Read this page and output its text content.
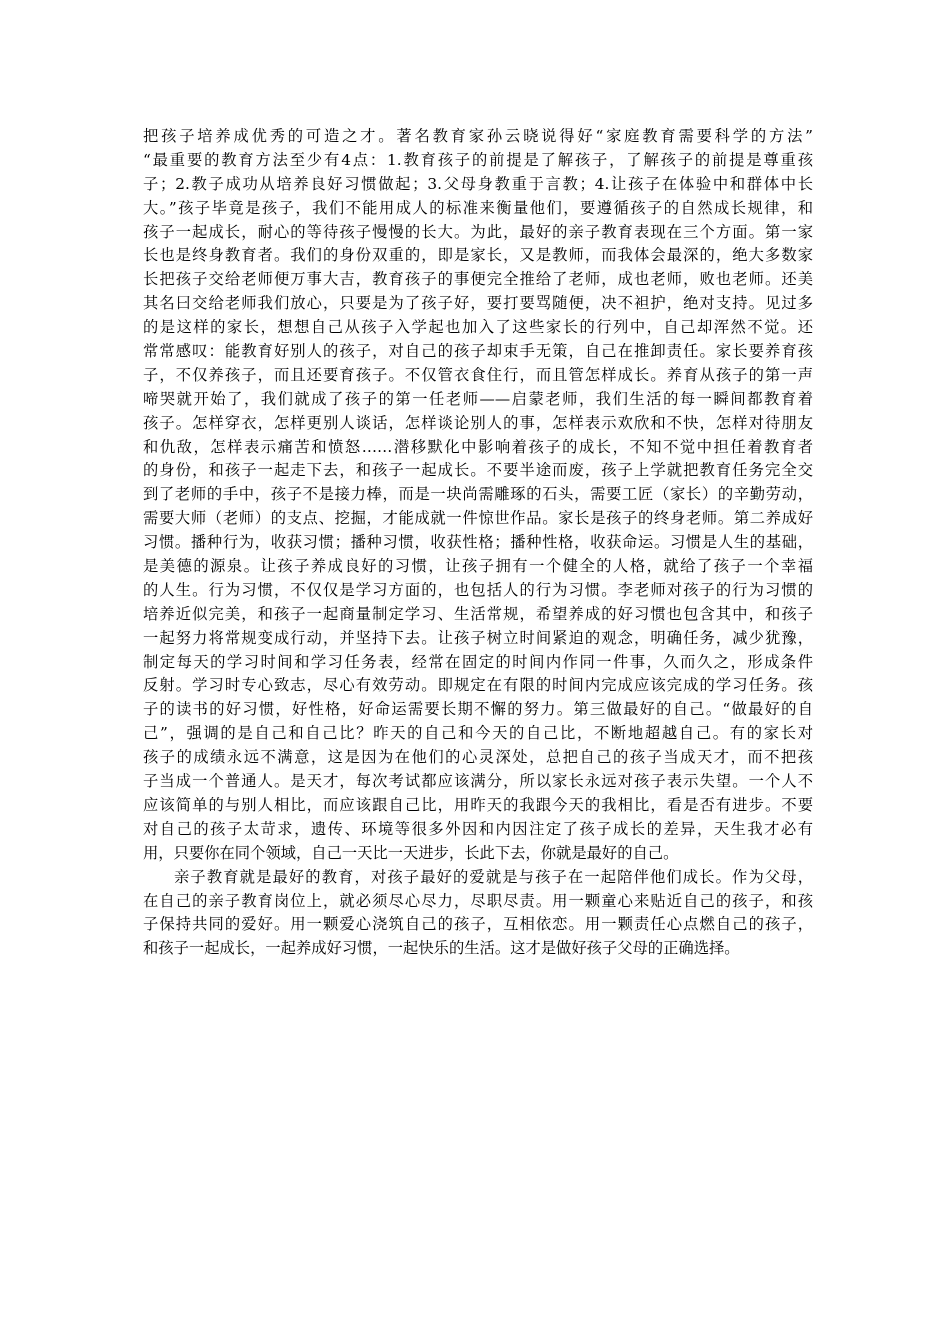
把孩子培养成优秀的可造之才。著名教育家孙云晓说得好“家庭教育需要科学的方法”
“最重要的教育方法至少有4点：1.教育孩子的前提是了解孩子，了解孩子的前提是尊重孩
子；2.教子成功从培养良好习惯做起；3.父母身教重于言教；4.让孩子在体验中和群体中长
大。”孩子毕竟是孩子，我们不能用成人的标准来衡量他们，要遵循孩子的自然成长规律，和
孩子一起成长，耐心的等待孩子慢慢的长大。为此，最好的亲子教育表现在三个方面。第一家
长也是终身教育者。我们的身份双重的，即是家长，又是教师，而我体会最深的，绝大多数家
长把孩子交给老师便万事大吉，教育孩子的事便完全推给了老师，成也老师，败也老师。还美
其名曰交给老师我们放心，只要是为了孩子好，要打要骂随便，决不袒护，绝对支持。见过多
的是这样的家长，想想自己从孩子入学起也加入了这些家长的行列中，自己却浑然不觉。还
常常感叹：能教育好别人的孩子，对自己的孩子却束手无策，自己在推卸责任。家长要养育孩
子，不仅养孩子，而且还要育孩子。不仅管衣食住行，而且管怎样成长。养育从孩子的第一声
啼哭就开始了，我们就成了孩子的第一任老师——启蒙老师，我们生活的每一瞬间都教育着
孩子。怎样穿衣，怎样更别人谈话，怎样谈论别人的事，怎样表示欢欣和不快，怎样对待朋友
和仇敌，怎样表示痛苦和愤怒……潜移默化中影响着孩子的成长，不知不觉中担任着教育者
的身份，和孩子一起走下去，和孩子一起成长。不要半途而废，孩子上学就把教育任务完全交
到了老师的手中，孩子不是接力棒，而是一块尚需雕琢的石头，需要工匠（家长）的辛勤劳动，
需要大师（老师）的支点、挖掘，才能成就一件惊世作品。家长是孩子的终身老师。第二养成好
习惯。播种行为，收获习惯；播种习惯，收获性格；播种性格，收获命运。习惯是人生的基础，
是美德的源泉。让孩子养成良好的习惯，让孩子拥有一个健全的人格，就给了孩子一个幸福
的人生。行为习惯，不仅仅是学习方面的，也包括人的行为习惯。李老师对孩子的行为习惯的
培养近似完美，和孩子一起商量制定学习、生活常规，希望养成的好习惯也包含其中，和孩子
一起努力将常规变成行动，并坚持下去。让孩子树立时间紧迫的观念，明确任务，减少犹豫，
制定每天的学习时间和学习任务表，经常在固定的时间内作同一件事，久而久之，形成条件
反射。学习时专心致志，尽心有效劳动。即规定在有限的时间内完成应该完成的学习任务。孩
子的读书的好习惯，好性格，好命运需要长期不懈的努力。第三做最好的自己。“做最好的自
己”，强调的是自己和自己比？昨天的自己和今天的自己比，不断地超越自己。有的家长对
孩子的成绩永远不满意，这是因为在他们的心灵深处，总把自己的孩子当成天才，而不把孩
子当成一个普通人。是天才，每次考试都应该满分，所以家长永远对孩子表示失望。一个人不
应该简单的与别人相比，而应该跟自己比，用昨天的我跟今天的我相比，看是否有进步。不要
对自己的孩子太苛求，遗传、环境等很多外因和内因注定了孩子成长的差异，天生我才必有
用，只要你在同个领域，自己一天比一天进步，长此下去，你就是最好的自己。
亲子教育就是最好的教育，对孩子最好的爱就是与孩子在一起陪伴他们成长。作为父母，
在自己的亲子教育岗位上，就必须尽心尽力，尽职尽责。用一颗童心来贴近自己的孩子，和孩
子保持共同的爱好。用一颗爱心浇筑自己的孩子，互相依恋。用一颗责任心点燃自己的孩子，
和孩子一起成长，一起养成好习惯，一起快乐的生活。这才是做好孩子父母的正确选择。
